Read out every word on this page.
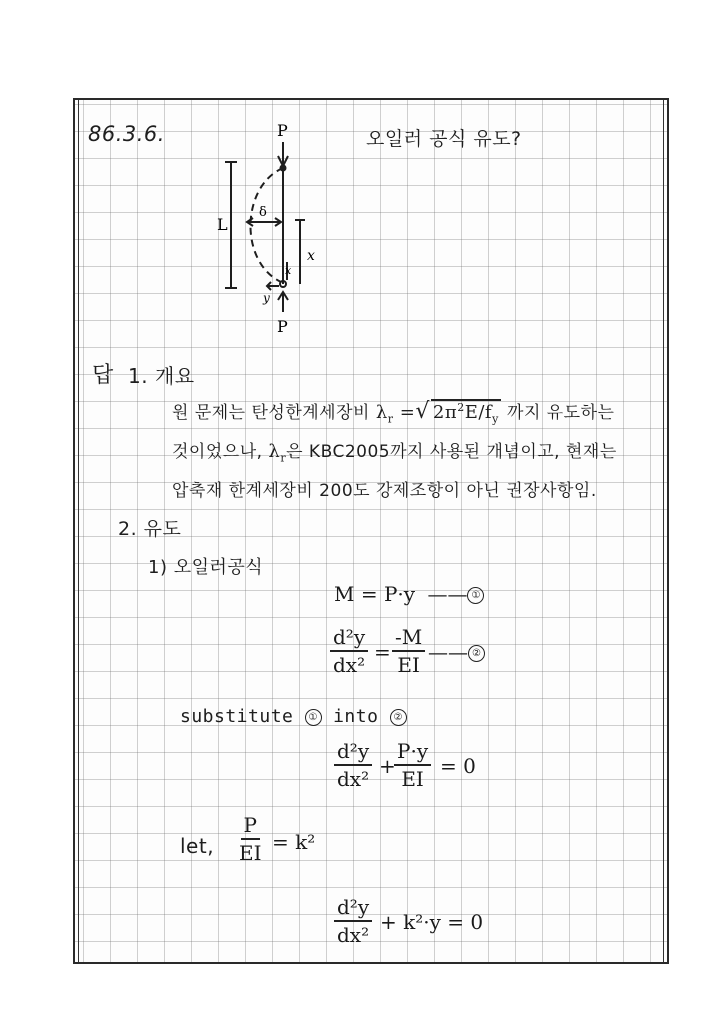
86.3.6.	오일러 공식 유도?
P
P
L
δ
x
x
y
답 1. 개요
원 문제는 탄성한계세장비 $\lambda_r$ =√ $2\pi^2E/f_y$ 까지 유도하는
것이었으나, $\lambda_r$은 KBC2005까지 사용된 개념이고, 현재는
압축재 한계세장비 200도 강제조항이 아닌 권장사항임.
2. 유도
1) 오일러공식
M = P·y —— ①
$\frac{\text{d²y}}{\text{dx²}} = \frac{-M}{EI}$ —— ②
substitute ① into ②
$\frac{\text{d²y}}{\text{dx²}}$ +
$\frac{P\cdot y}{EI} = 0$
let, $\frac{P}{EI} = k^2$
$\frac{\text{d²y}}{\text{dx²}} + k^2\cdot y = 0$
